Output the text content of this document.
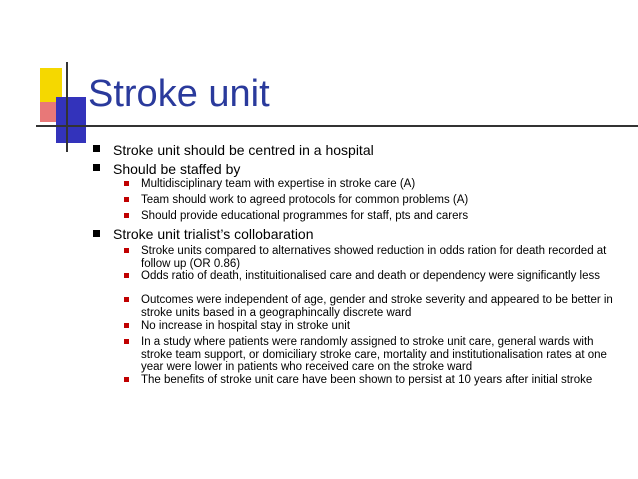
Stroke unit
Stroke unit should be centred in a hospital
Should be staffed by
Multidisciplinary team with expertise in stroke care (A)
Team should work to agreed protocols for common problems (A)
Should provide educational programmes for staff, pts and carers
Stroke unit trialist’s collobaration
Stroke units compared to alternatives showed reduction in odds ration for death recorded at follow up (OR 0.86)
Odds ratio of death, instituitionalised care and death or dependency were significantly less
Outcomes were independent of age, gender and stroke severity and appeared to be better in stroke units based in a geographincally discrete ward
No increase in hospital stay in stroke unit
In a study where patients were randomly assigned to stroke unit care, general wards with stroke team support, or domiciliary stroke care, mortality and institutionalisation rates at one year were lower in patients who received care on the stroke ward
The benefits of stroke unit care have been shown to persist at 10 years after initial stroke
